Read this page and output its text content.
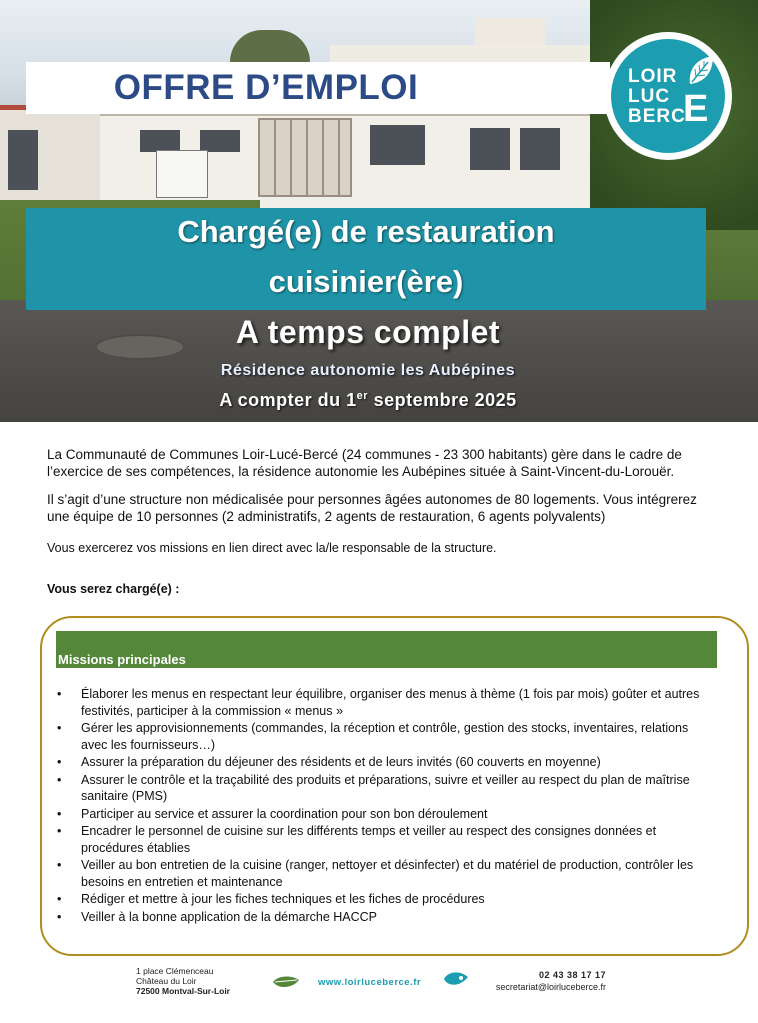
OFFRE D’EMPLOI	LOIR
LUC
BERC
E
Chargé(e) de restauration
cuisinier(ère)
A temps complet
Résidence autonomie les Aubépines
A compter du 1er septembre 2025
La Communauté de Communes Loir-Lucé-Bercé (24 communes - 23 300 habitants) gère dans le cadre de l’exercice de ses compétences, la résidence autonomie les Aubépines située à Saint-Vincent-du-Lorouër.
Il s’agit d’une structure non médicalisée pour personnes âgées autonomes de 80 logements. Vous intégrerez une équipe de 10 personnes (2 administratifs, 2 agents de restauration, 6 agents polyvalents)
Vous exercerez vos missions en lien direct avec la/le responsable de la structure.
Vous serez chargé(e) :
Missions principales
• Élaborer les menus en respectant leur équilibre, organiser des menus à thème (1 fois par mois) goûter et autres festivités, participer à la commission « menus »
• Gérer les approvisionnements (commandes, la réception et contrôle, gestion des stocks, inventaires, relations avec les fournisseurs…)
• Assurer la préparation du déjeuner des résidents et de leurs invités (60 couverts en moyenne)
• Assurer le contrôle et la traçabilité des produits et préparations, suivre et veiller au respect du plan de maîtrise sanitaire (PMS)
• Participer au service et assurer la coordination pour son bon déroulement
• Encadrer le personnel de cuisine sur les différents temps et veiller au respect des consignes données et procédures établies
• Veiller au bon entretien de la cuisine (ranger, nettoyer et désinfecter) et du matériel de production, contrôler les besoins en entretien et maintenance
• Rédiger et mettre à jour les fiches techniques et les fiches de procédures
• Veiller à la bonne application de la démarche HACCP
1 place Clémenceau
Château du Loir
72500 Montval-Sur-Loir
www.loirluceberce.fr
02 43 38 17 17
secretariat@loirluceberce.fr
